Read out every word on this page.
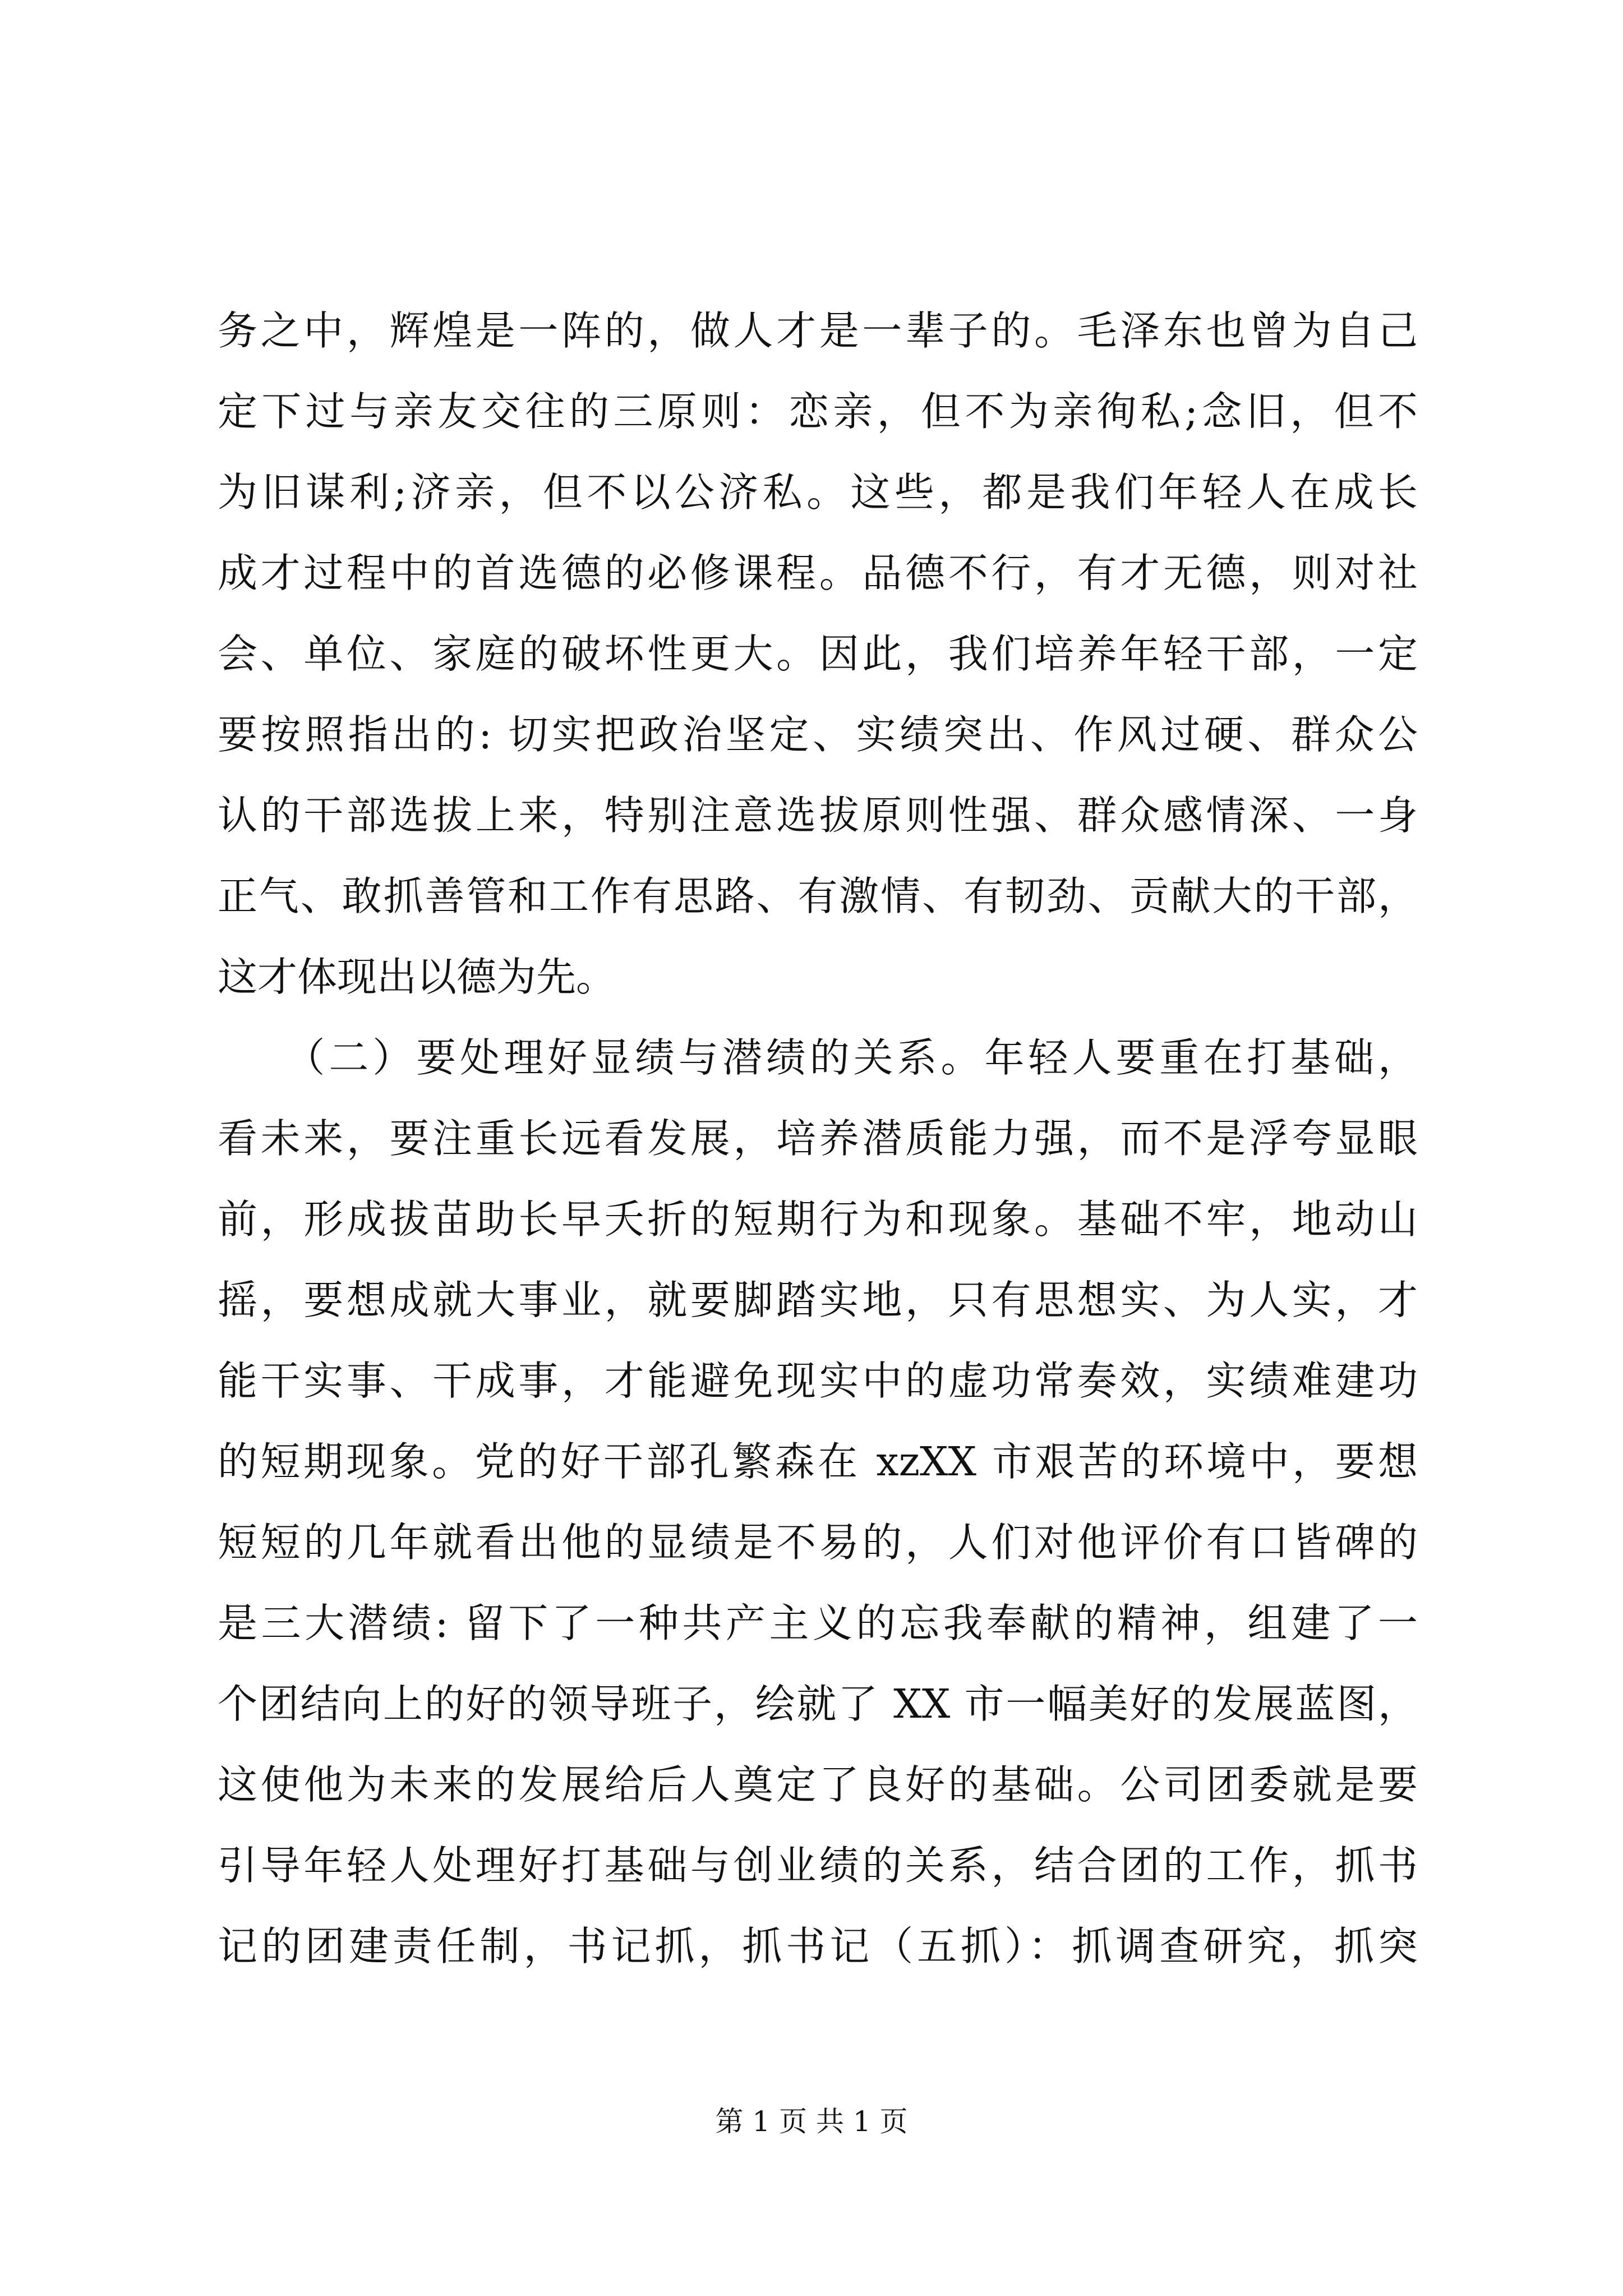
务之中，辉煌是一阵的，做人才是一辈子的。毛泽东也曾为自己
定下过与亲友交往的三原则：恋亲，但不为亲徇私;念旧，但不
为旧谋利;济亲，但不以公济私。这些，都是我们年轻人在成长
成才过程中的首选德的必修课程。品德不行，有才无德，则对社
会、单位、家庭的破坏性更大。因此，我们培养年轻干部，一定
要按照指出的: 切实把政治坚定、实绩突出、作风过硬、群众公
认的干部选拔上来，特别注意选拔原则性强、群众感情深、一身
正气、敢抓善管和工作有思路、有激情、有韧劲、贡献大的干部，
这才体现出以德为先。
　　（二）要处理好显绩与潜绩的关系。年轻人要重在打基础，
看未来，要注重长远看发展，培养潜质能力强，而不是浮夸显眼
前，形成拔苗助长早夭折的短期行为和现象。基础不牢，地动山
摇，要想成就大事业，就要脚踏实地，只有思想实、为人实，才
能干实事、干成事，才能避免现实中的虚功常奏效，实绩难建功
的短期现象。党的好干部孔繁森在 xzXX 市艰苦的环境中，要想
短短的几年就看出他的显绩是不易的，人们对他评价有口皆碑的
是三大潜绩: 留下了一种共产主义的忘我奉献的精神，组建了一
个团结向上的好的领导班子，绘就了 XX 市一幅美好的发展蓝图，
这使他为未来的发展给后人奠定了良好的基础。公司团委就是要
引导年轻人处理好打基础与创业绩的关系，结合团的工作，抓书
记的团建责任制，书记抓，抓书记（五抓）：抓调查研究，抓突
第 1 页 共 1 页
